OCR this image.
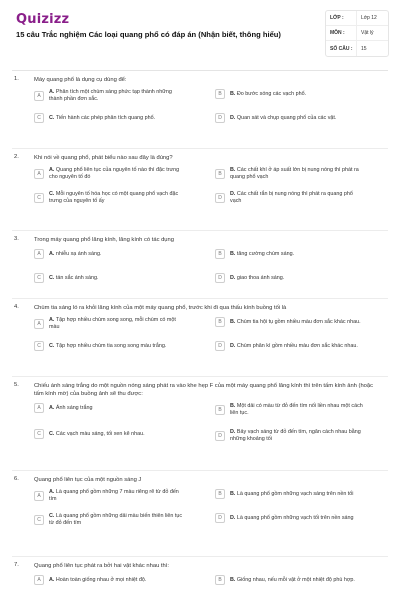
Quizizz
15 câu Trắc nghiệm Các loại quang phổ có đáp án (Nhận biết, thông hiểu)
LỚP :	Lớp 12
MÔN :	Vật lý
SỐ CÂU :	15
1.	Máy quang phổ là dụng cụ dùng để:
A
A. Phân tích một chùm sáng phức tạp thành những thành phần đơn sắc.
B	B. Đo bước sóng các vạch phổ.
C	C. Tiến hành các phép phân tích quang phổ.	D	D. Quan sát và chụp quang phổ của các vật.
2.	Khi nói về quang phổ, phát biểu nào sau đây là đúng?
A
A. Quang phổ liên tục của nguyên tố nào thì đặc trưng cho nguyên tố đó	B
B. Các chất khí ở áp suất lớn bị nung nóng thì phát ra quang phổ vạch
C
C. Mỗi nguyên tố hóa học có một quang phổ vạch đặc trưng của nguyên tố ấy	D
D. Các chất rắn bị nung nóng thì phát ra quang phổ vạch
3.	Trong máy quang phổ lăng kính, lăng kính có tác dụng
A	A. nhiễu xạ ánh sáng.	B	B. tăng cường chùm sáng.
C	C. tán sắc ánh sáng.	D	D. giao thoa ánh sáng.
4.	Chùm tia sáng ló ra khỏi lăng kính của một máy quang phổ, trước khi đi qua thấu kính buồng tối là
A
A. Tập hợp nhiều chùm song song, mỗi chùm có một màu
B	B. Chùm tia hội tụ gồm nhiều màu đơn sắc khác nhau.
C	C. Tập hợp nhiều chùm tia song song màu trắng.	D	D. Chùm phân kì gồm nhiều màu đơn sắc khác nhau.
5.	Chiếu ánh sáng trắng do một nguồn nóng sáng phát ra vào khe hẹp F của một máy quang phổ lăng kính thì trên tấm kính ảnh (hoặc tấm kính mờ) của buồng ảnh sẽ thu được:
A	A. Ánh sáng trắng	B
B. Một dải có màu từ đỏ đến tím nối liền nhau một cách liên tục.
C	C. Các vạch màu sáng, tối xen kẽ nhau.	D
D. Bảy vạch sáng từ đỏ đến tím, ngăn cách nhau bằng những khoảng tối
6.	Quang phổ liên tục của một nguồn sáng J
A
A. Là quang phổ gồm những 7 màu riêng rẽ từ đỏ đến tím
B	B. Là quang phổ gồm những vạch sáng trên nền tối
C
C. Là quang phổ gồm những dải màu biến thiên liên tục từ đỏ đến tím
D	D. Là quang phổ gồm những vạch tối trên nền sáng
7.	Quang phổ liên tục phát ra bởi hai vật khác nhau thì:
A	A. Hoàn toàn giống nhau ở mọi nhiệt độ.	B	B. Giống nhau, nếu mỗi vật ở một nhiệt độ phù hợp.
